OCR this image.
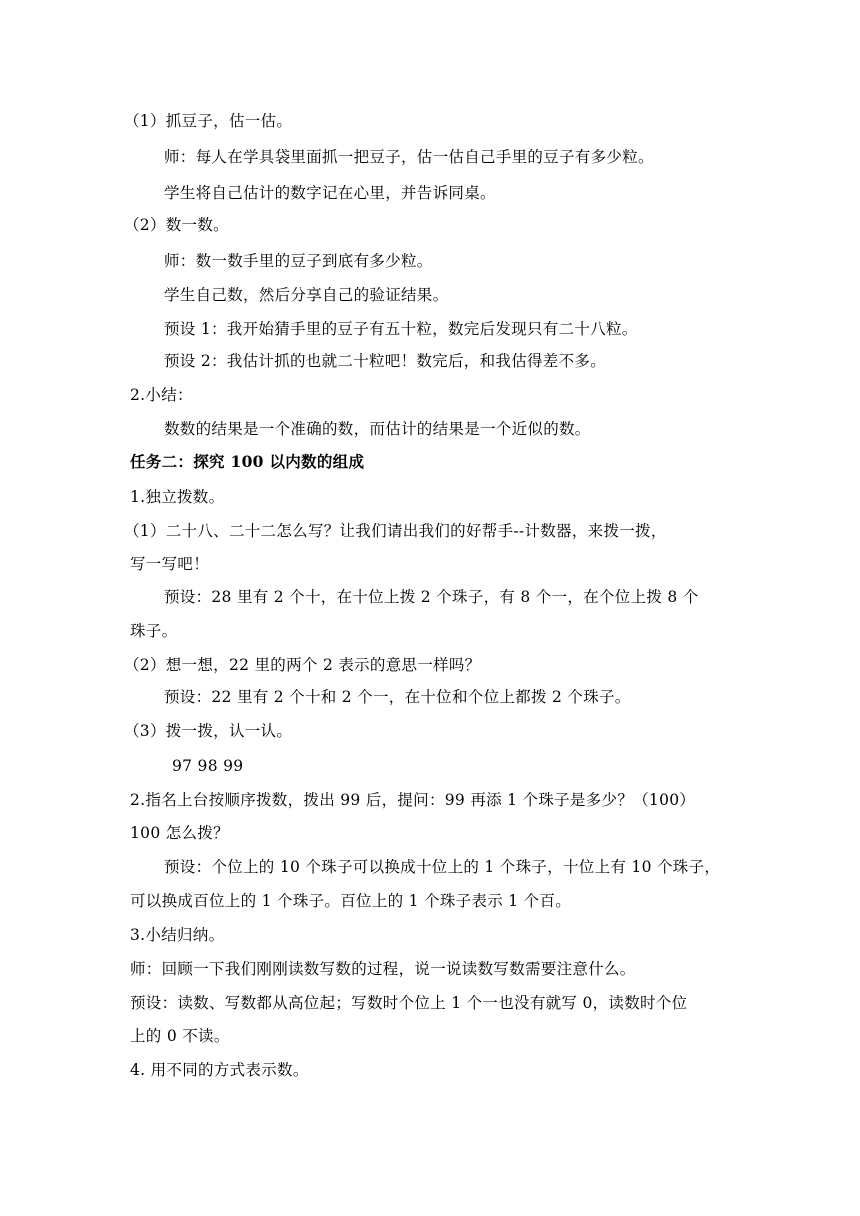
（1）抓豆子，估一估。
师：每人在学具袋里面抓一把豆子，估一估自己手里的豆子有多少粒。
学生将自己估计的数字记在心里，并告诉同桌。
（2）数一数。
师：数一数手里的豆子到底有多少粒。
学生自己数，然后分享自己的验证结果。
预设 1：我开始猜手里的豆子有五十粒，数完后发现只有二十八粒。
预设 2：我估计抓的也就二十粒吧！数完后，和我估得差不多。
2.小结：
数数的结果是一个准确的数，而估计的结果是一个近似的数。
任务二：探究 100 以内数的组成
1.独立拨数。
（1）二十八、二十二怎么写？让我们请出我们的好帮手--计数器，来拨一拨，
写一写吧！
预设：28 里有 2 个十，在十位上拨 2 个珠子，有 8 个一，在个位上拨 8 个
珠子。
（2）想一想，22 里的两个 2 表示的意思一样吗？
预设：22 里有 2 个十和 2 个一，在十位和个位上都拨 2 个珠子。
（3）拨一拨，认一认。
97 98 99
2.指名上台按顺序拨数，拨出 99 后，提问：99 再添 1 个珠子是多少？（100）
100 怎么拨？
预设：个位上的 10 个珠子可以换成十位上的 1 个珠子，十位上有 10 个珠子，
可以换成百位上的 1 个珠子。百位上的 1 个珠子表示 1 个百。
3.小结归纳。
师：回顾一下我们刚刚读数写数的过程，说一说读数写数需要注意什么。
预设：读数、写数都从高位起；写数时个位上 1 个一也没有就写 0，读数时个位
上的 0 不读。
4. 用不同的方式表示数。
